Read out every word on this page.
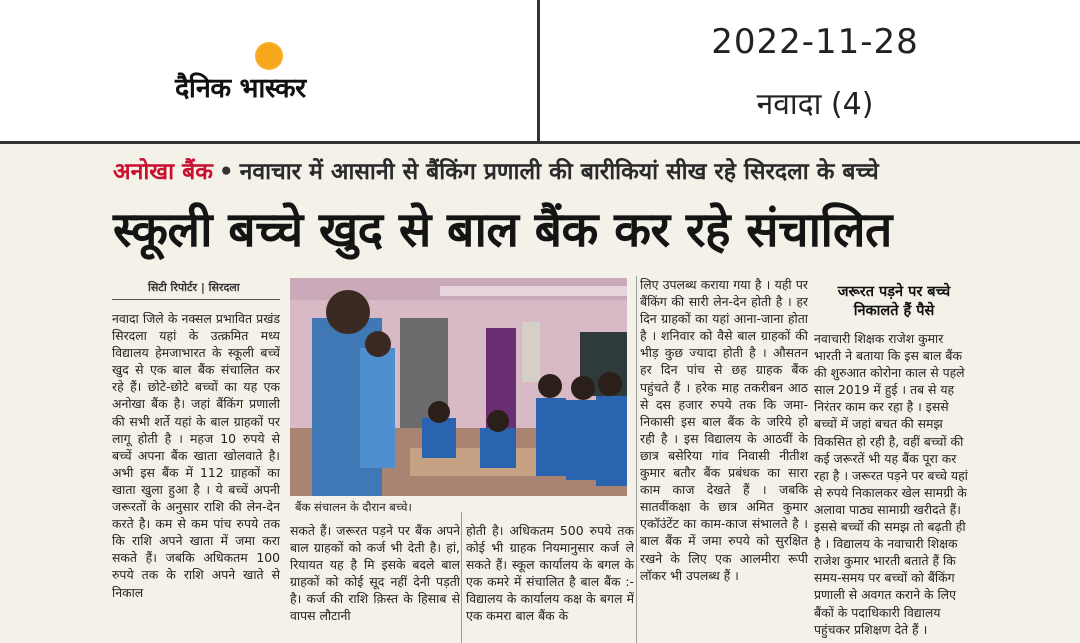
दैनिक भास्कर
2022-11-28
नवादा (4)
अनोखा बैंक • नवाचार में आसानी से बैंकिंग प्रणाली की बारीकियां सीख रहे सिरदला के बच्चे
स्कूली बच्चे खुद से बाल बैंक कर रहे संचालित
सिटी रिपोर्टर | सिरदला
नवादा जिले के नक्सल प्रभावित प्रखंड सिरदला यहां के उत्क्रमित मध्य विद्यालय हेमजाभारत के स्कूली बच्चें खुद से एक बाल बैंक संचालित कर रहे हैं। छोटे-छोटे बच्चों का यह एक अनोखा बैंक है। जहां बैंकिंग प्रणाली की सभी शर्ते यहां के बाल ग्राहकों पर लागू होती है । महज 10 रुपये से बच्चें अपना बैंक खाता खोलवाते है। अभी इस बैंक में 112 ग्राहकों का खाता खुला हुआ है । ये बच्चें अपनी जरूरतों के अनुसार राशि की लेन-देन करते है। कम से कम पांच रुपये तक कि राशि अपने खाता में जमा करा सकते हैं। जबकि अधिकतम 100 रुपये तक के राशि अपने खाते से निकाल
बैंक संचालन के दौरान बच्चे।
सकते हैं। जरूरत पड़ने पर बैंक अपने बाल ग्राहकों को कर्ज भी देती है। हां, रियायत यह है मि इसके बदले बाल ग्राहकों को कोई सूद नहीं देनी पड़ती है। कर्ज की राशि क़िस्त के हिसाब से वापस लौटानी
होती है। अधिकतम 500 रुपये तक कोई भी ग्राहक नियमानुसार कर्ज ले सकते हैं। स्कूल कार्यालय के बगल के एक कमरे में संचालित है बाल बैंक :- विद्यालय के कार्यालय कक्ष के बगल में एक कमरा बाल बैंक के
लिए उपलब्ध कराया गया है । यही पर बैंकिंग की सारी लेन-देन होती है । हर दिन ग्राहकों का यहां आना-जाना होता है । शनिवार को वैसे बाल ग्राहकों की भीड़ कुछ ज्यादा होती है । औसतन हर दिन पांच से छह ग्राहक बैंक पहुंचते हैं । हरेक माह तकरीबन आठ से दस हजार रुपये तक कि जमा-निकासी इस बाल बैंक के जरिये हो रही है । इस विद्यालय के आठवीं के छात्र बसेरिया गांव निवासी नीतीश कुमार बतौर बैंक प्रबंधक का सारा काम काज देखते हैं । जबकि सातवींकक्षा के छात्र अमित कुमार एकॉउंटेंट का काम-काज संभालते है । बाल बैंक में जमा रुपये को सुरक्षित रखने के लिए एक आलमीरा रूपी लॉकर भी उपलब्ध हैं ।
जरूरत पड़ने पर बच्चे निकालते हैं पैसे
नवाचारी शिक्षक राजेश कुमार भारती ने बताया कि इस बाल बैंक की शुरुआत कोरोना काल से पहले साल 2019 में हुई । तब से यह निरंतर काम कर रहा है । इससे बच्चों में जहां बचत की समझ विकसित हो रही है, वहीं बच्चों की कई जरूरतें भी यह बैंक पूरा कर रहा है । जरूरत पड़ने पर बच्चे यहां से रुपये निकालकर खेल सामग्री के अलावा पाठ्य सामाग्री खरीदते हैं। इससे बच्चों की समझ तो बढ़ती ही है । विद्यालय के नवाचारी शिक्षक राजेश कुमार भारती बताते हैं कि समय-समय पर बच्चों को बैंकिंग प्रणाली से अवगत कराने के लिए बैंकों के पदाधिकारी विद्यालय पहुंचकर प्रशिक्षण देते हैं ।
